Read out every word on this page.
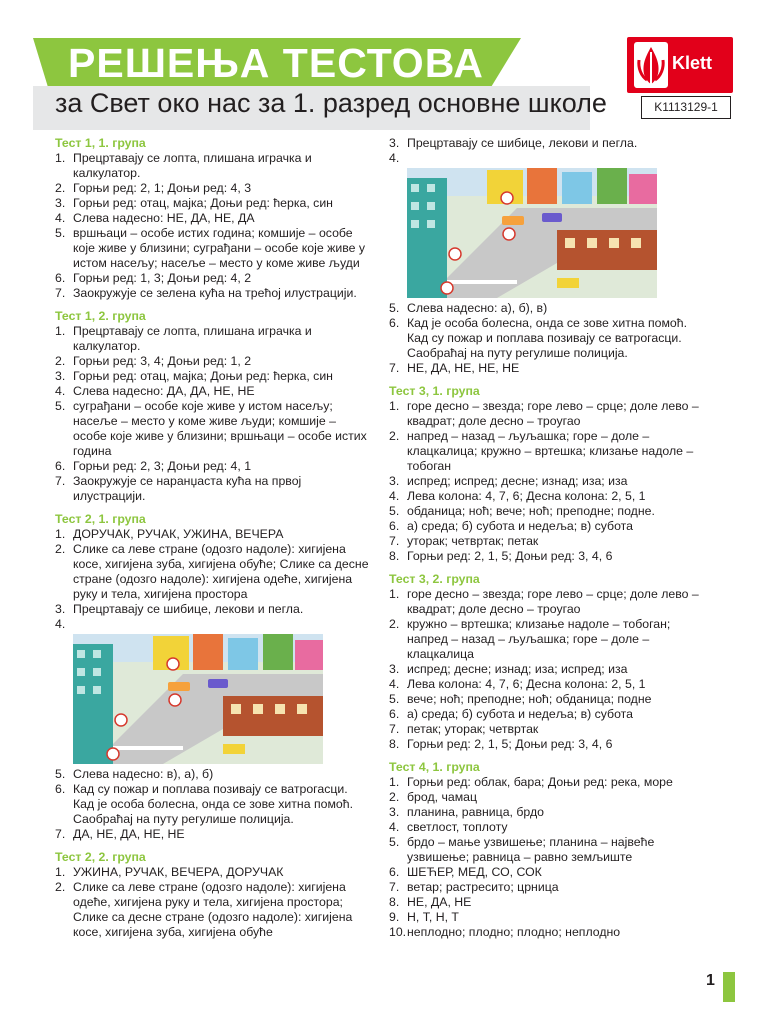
РЕШЕЊА ТЕСТОВА
за Свет око нас за 1. разред основне школе
Klett
K1113129-1
Тест 1, 1. група
1. Прецртавају се лопта, плишана играчка и калкулатор.
2. Горњи ред: 2, 1; Доњи ред: 4, 3
3. Горњи ред: отац, мајка; Доњи ред: ћерка, син
4. Слева надесно: НЕ, ДА, НЕ, ДА
5. вршњаци – особе истих година; комшије – особе које живе у близини; суграђани – особе које живе у истом насељу; насеље – место у коме живе људи
6. Горњи ред: 1, 3; Доњи ред: 4, 2
7. Заокружује се зелена кућа на трећој илустрацији.
Тест 1, 2. група
1. Прецртавају се лопта, плишана играчка и калкулатор.
2. Горњи ред: 3, 4; Доњи ред: 1, 2
3. Горњи ред: отац, мајка; Доњи ред: ћерка, син
4. Слева надесно: ДА, ДА, НЕ, НЕ
5. суграђани – особе које живе у истом насељу; насеље – место у коме живе људи; комшије – особе које живе у близини; вршњаци – особе истих година
6. Горњи ред: 2, 3; Доњи ред: 4, 1
7. Заокружује се наранџаста кућа на првој илустрацији.
Тест 2, 1. група
1. ДОРУЧАК, РУЧАК, УЖИНА, ВЕЧЕРА
2. Слике са леве стране (одозго надоле): хигијена косе, хигијена зуба, хигијена обуће; Слике са десне стране (одозго надоле): хигијена одеће, хигијена руку и тела, хигијена простора
3. Прецртавају се шибице, лекови и пегла.
4.
5. Слева надесно: в), а), б)
6. Кад су пожар и поплава позивају се ватрогасци. Кад је особа болесна, онда се зове хитна помоћ. Саобраћај на путу регулише полиција.
7. ДА, НЕ, ДА, НЕ, НЕ
Тест 2, 2. група
1. УЖИНА, РУЧАК, ВЕЧЕРА, ДОРУЧАК
2. Слике са леве стране (одозго надоле): хигијена одеће, хигијена руку и тела, хигијена простора; Слике са десне стране (одозго надоле): хигијена косе, хигијена зуба, хигијена обуће
3. Прецртавају се шибице, лекови и пегла.
4.
5. Слева надесно: а), б), в)
6. Кад је особа болесна, онда се зове хитна помоћ. Кад су пожар и поплава позивају се ватрогасци. Саобраћај на путу регулише полиција.
7. НЕ, ДА, НЕ, НЕ, НЕ
Тест 3, 1. група
1. горе десно – звезда; горе лево – срце; доле лево – квадрат; доле десно – троугао
2. напред – назад – љуљашка; горе – доле – клацкалица; кружно – вртешка; клизање надоле – тобоган
3. испред; испред; десне; изнад; иза; иза
4. Лева колона: 4, 7, 6; Десна колона: 2, 5, 1
5. обданица; ноћ; вече; ноћ; преподне; подне.
6. а) среда; б) субота и недеља; в) субота
7. уторак; четвртак; петак
8. Горњи ред: 2, 1, 5; Доњи ред: 3, 4, 6
Тест 3, 2. група
1. горе десно – звезда; горе лево – срце; доле лево – квадрат; доле десно – троугао
2. кружно – вртешка; клизање надоле – тобоган; напред – назад – љуљашка; горе – доле – клацкалица
3. испред; десне; изнад; иза; испред; иза
4. Лева колона: 4, 7, 6; Десна колона: 2, 5, 1
5. вече; ноћ; преподне; ноћ; обданица; подне
6. а) среда; б) субота и недеља; в) субота
7. петак; уторак; четвртак
8. Горњи ред: 2, 1, 5; Доњи ред: 3, 4, 6
Тест 4, 1. група
1. Горњи ред: облак, бара; Доњи ред: река, море
2. брод, чамац
3. планина, равница, брдо
4. светлост, топлоту
5. брдо – мање узвишење; планина – највеће узвишење; равница – равно земљиште
6. ШЕЋЕР, МЕД, СО, СОК
7. ветар; растресито; црница
8. НЕ, ДА, НЕ
9. Н, Т, Н, Т
10. неплодно; плодно; плодно; неплодно
1
